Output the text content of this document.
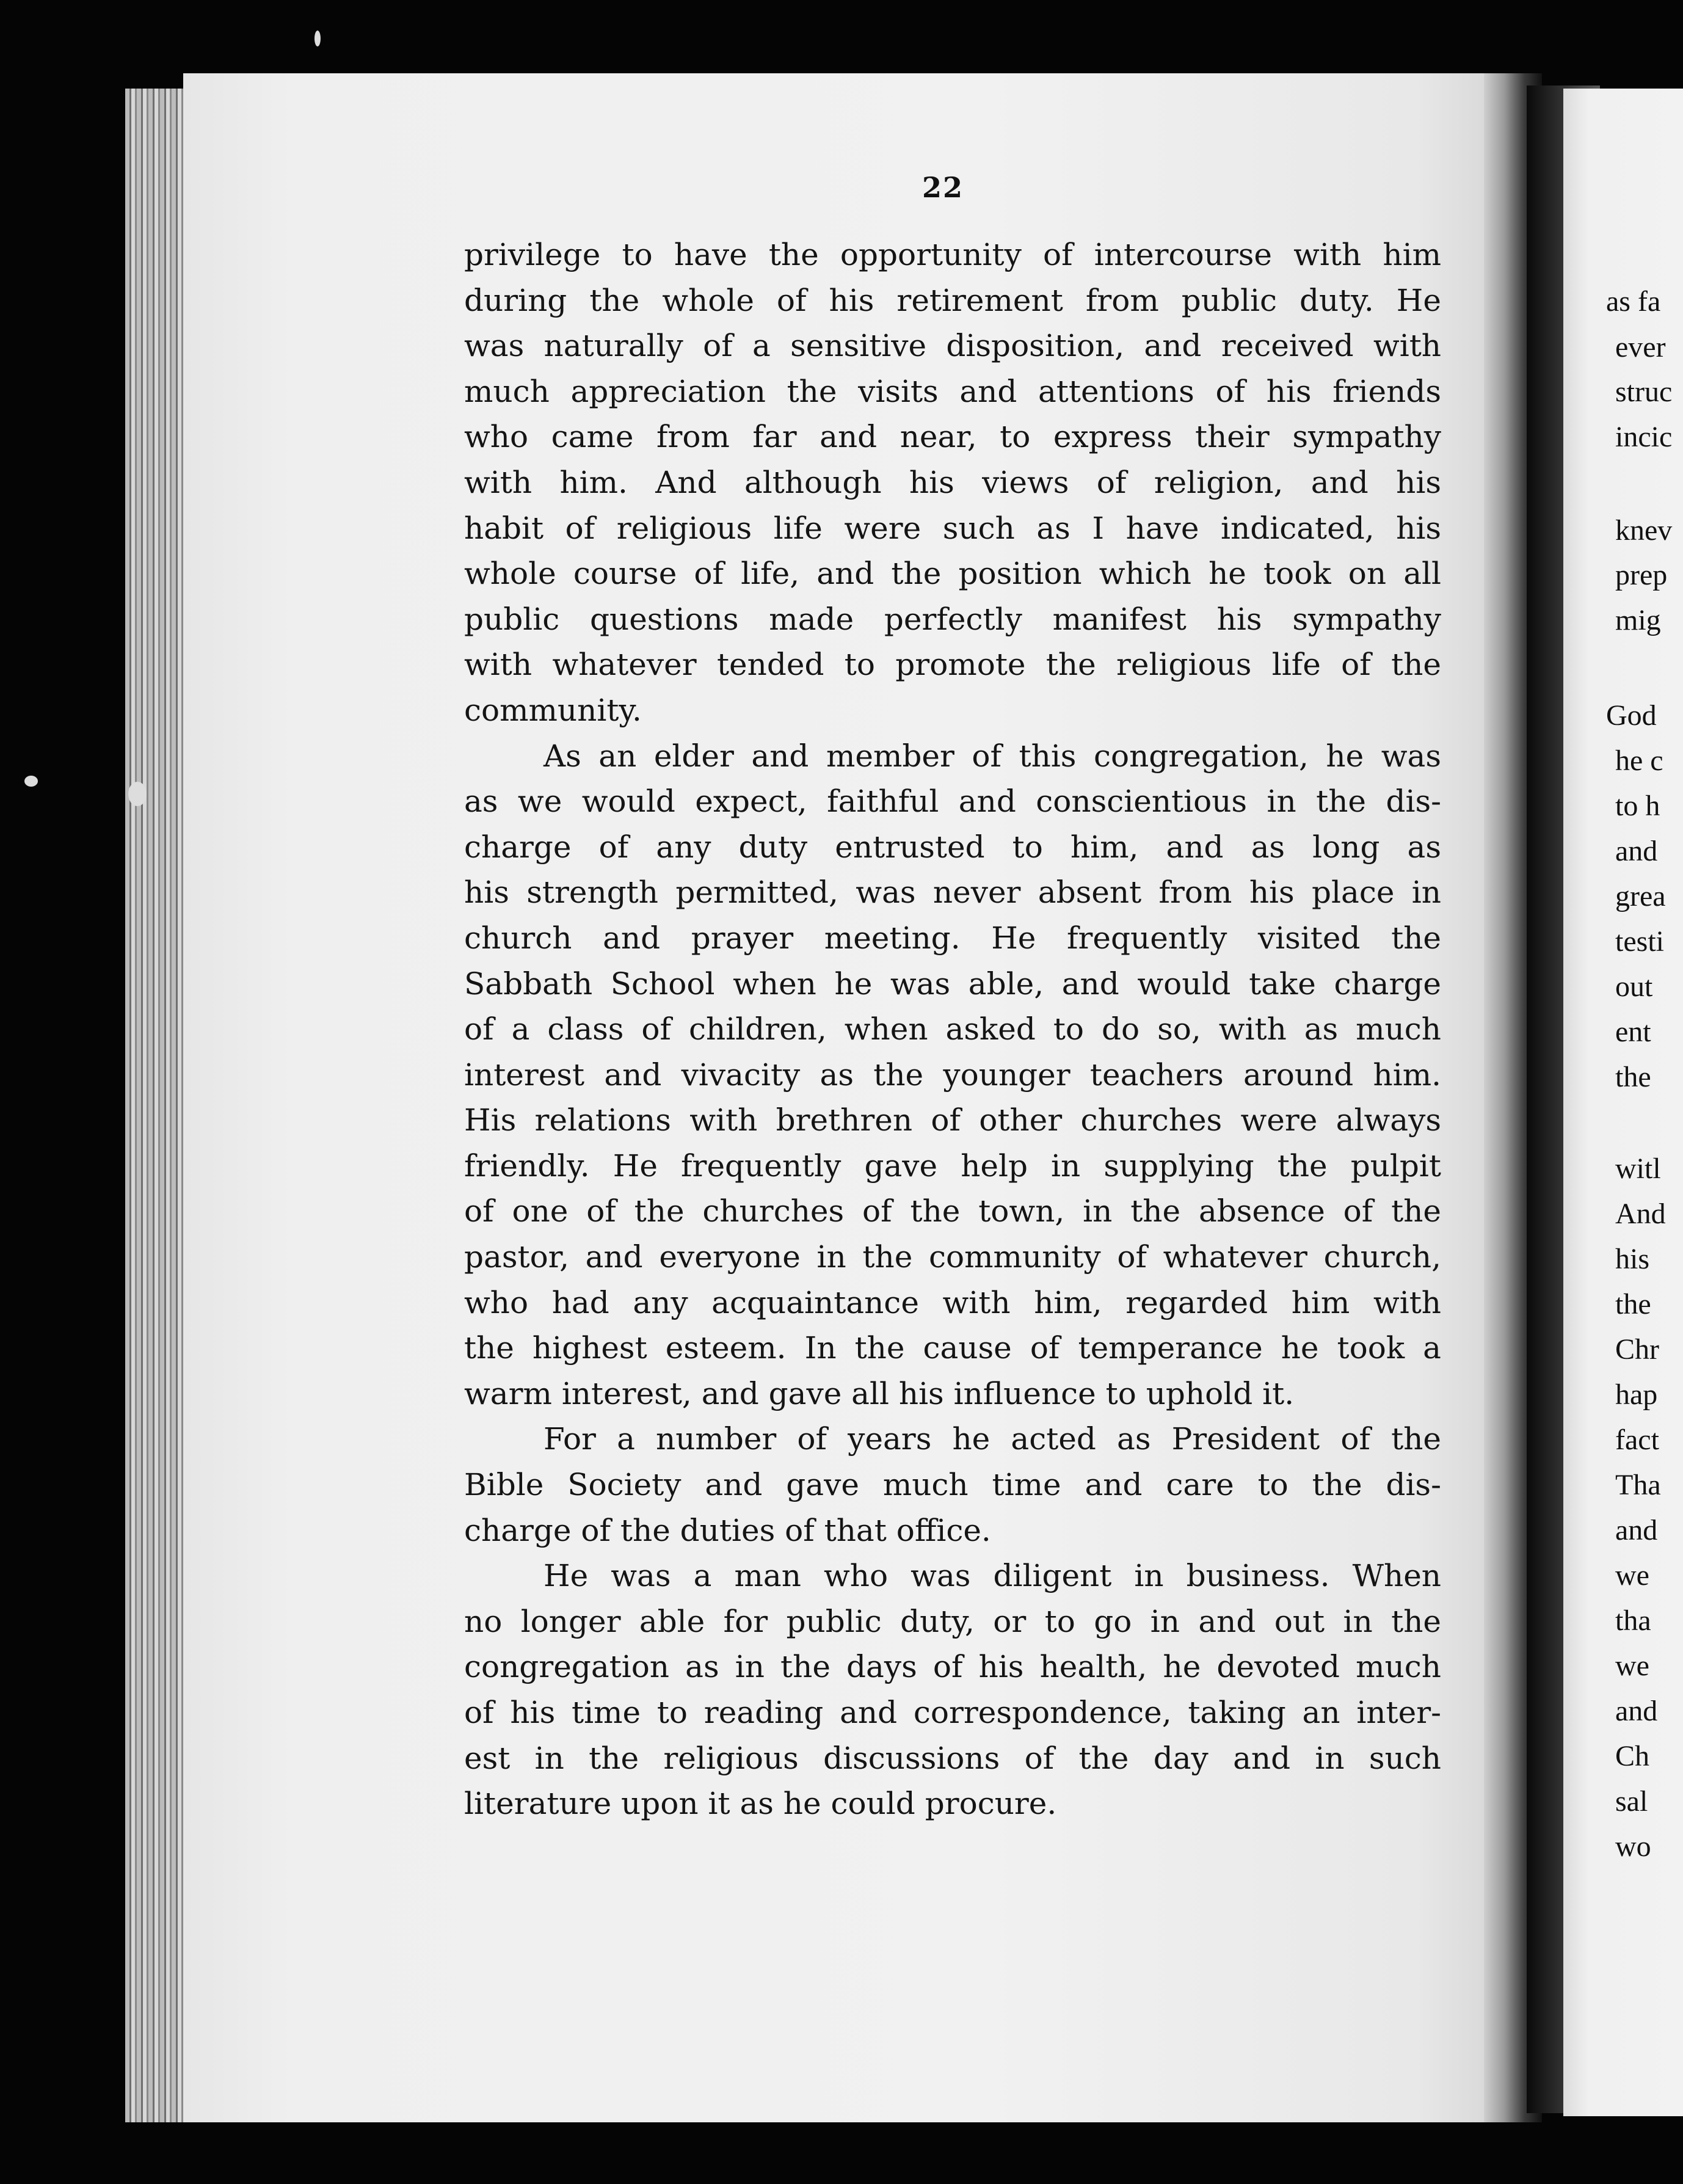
as fa
ever
struc
incic
knev
prep
mig
God
he c
to h
and
grea
testi
out
ent
the
witl
And
his
the
Chr
hap
fact
Tha
and
we
tha
we
and
Ch
sal
wo
22
privilege to have the opportunity of intercourse with him
during the whole of his retirement from public duty. He
was naturally of a sensitive disposition, and received with
much appreciation the visits and attentions of his friends
who came from far and near, to express their sympathy
with him. And although his views of religion, and his
habit of religious life were such as I have indicated, his
whole course of life, and the position which he took on all
public questions made perfectly manifest his sympathy
with whatever tended to promote the religious life of the
community.
As an elder and member of this congregation, he was
as we would expect, faithful and conscientious in the dis-
charge of any duty entrusted to him, and as long as
his strength permitted, was never absent from his place in
church and prayer meeting. He frequently visited the
Sabbath School when he was able, and would take charge
of a class of children, when asked to do so, with as much
interest and vivacity as the younger teachers around him.
His relations with brethren of other churches were always
friendly. He frequently gave help in supplying the pulpit
of one of the churches of the town, in the absence of the
pastor, and everyone in the community of whatever church,
who had any acquaintance with him, regarded him with
the highest esteem. In the cause of temperance he took a
warm interest, and gave all his influence to uphold it.
For a number of years he acted as President of the
Bible Society and gave much time and care to the dis-
charge of the duties of that office.
He was a man who was diligent in business. When
no longer able for public duty, or to go in and out in the
congregation as in the days of his health, he devoted much
of his time to reading and correspondence, taking an inter-
est in the religious discussions of the day and in such
literature upon it as he could procure.
